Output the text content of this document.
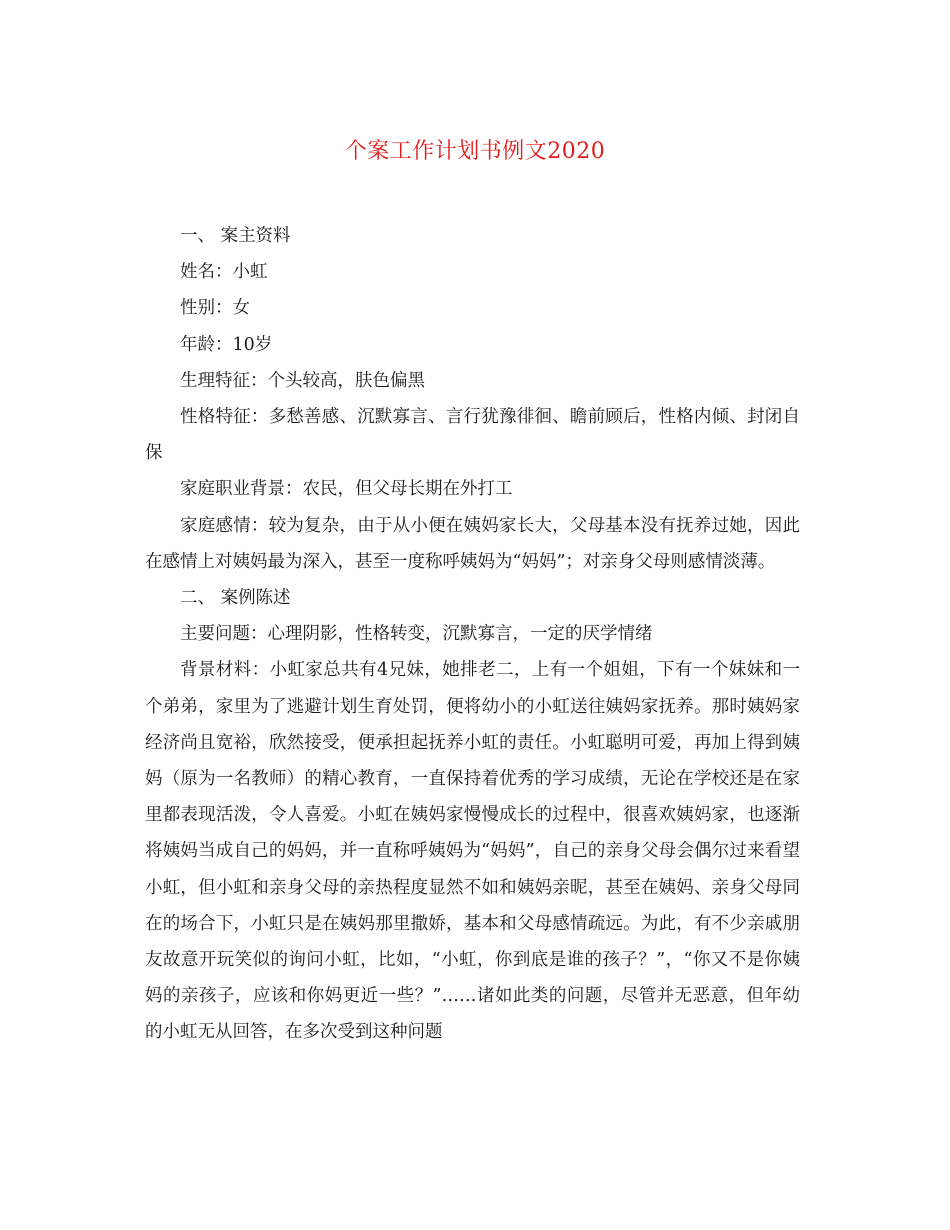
个案工作计划书例文2020

一、 案主资料

姓名：小虹

性别：女

年龄：10岁

生理特征：个头较高，肤色偏黑

性格特征：多愁善感、沉默寡言、言行犹豫徘徊、瞻前顾后，性格内倾、封闭自保

家庭职业背景：农民，但父母长期在外打工

家庭感情：较为复杂，由于从小便在姨妈家长大，父母基本没有抚养过她，因此在感情上对姨妈最为深入，甚至一度称呼姨妈为“妈妈”；对亲身父母则感情淡薄。

二、 案例陈述

主要问题：心理阴影，性格转变，沉默寡言，一定的厌学情绪

背景材料：小虹家总共有4兄妹，她排老二，上有一个姐姐，下有一个妹妹和一个弟弟，家里为了逃避计划生育处罚，便将幼小的小虹送往姨妈家抚养。那时姨妈家经济尚且宽裕，欣然接受，便承担起抚养小虹的责任。小虹聪明可爱，再加上得到姨妈（原为一名教师）的精心教育，一直保持着优秀的学习成绩，无论在学校还是在家里都表现活泼，令人喜爱。小虹在姨妈家慢慢成长的过程中，很喜欢姨妈家，也逐渐将姨妈当成自己的妈妈，并一直称呼姨妈为“妈妈”，自己的亲身父母会偶尔过来看望小虹，但小虹和亲身父母的亲热程度显然不如和姨妈亲昵，甚至在姨妈、亲身父母同在的场合下，小虹只是在姨妈那里撒娇，基本和父母感情疏远。为此，有不少亲戚朋友故意开玩笑似的询问小虹，比如，“小虹，你到底是谁的孩子？”，“你又不是你姨妈的亲孩子，应该和你妈更近一些？”……诸如此类的问题，尽管并无恶意，但年幼的小虹无从回答，在多次受到这种问题
